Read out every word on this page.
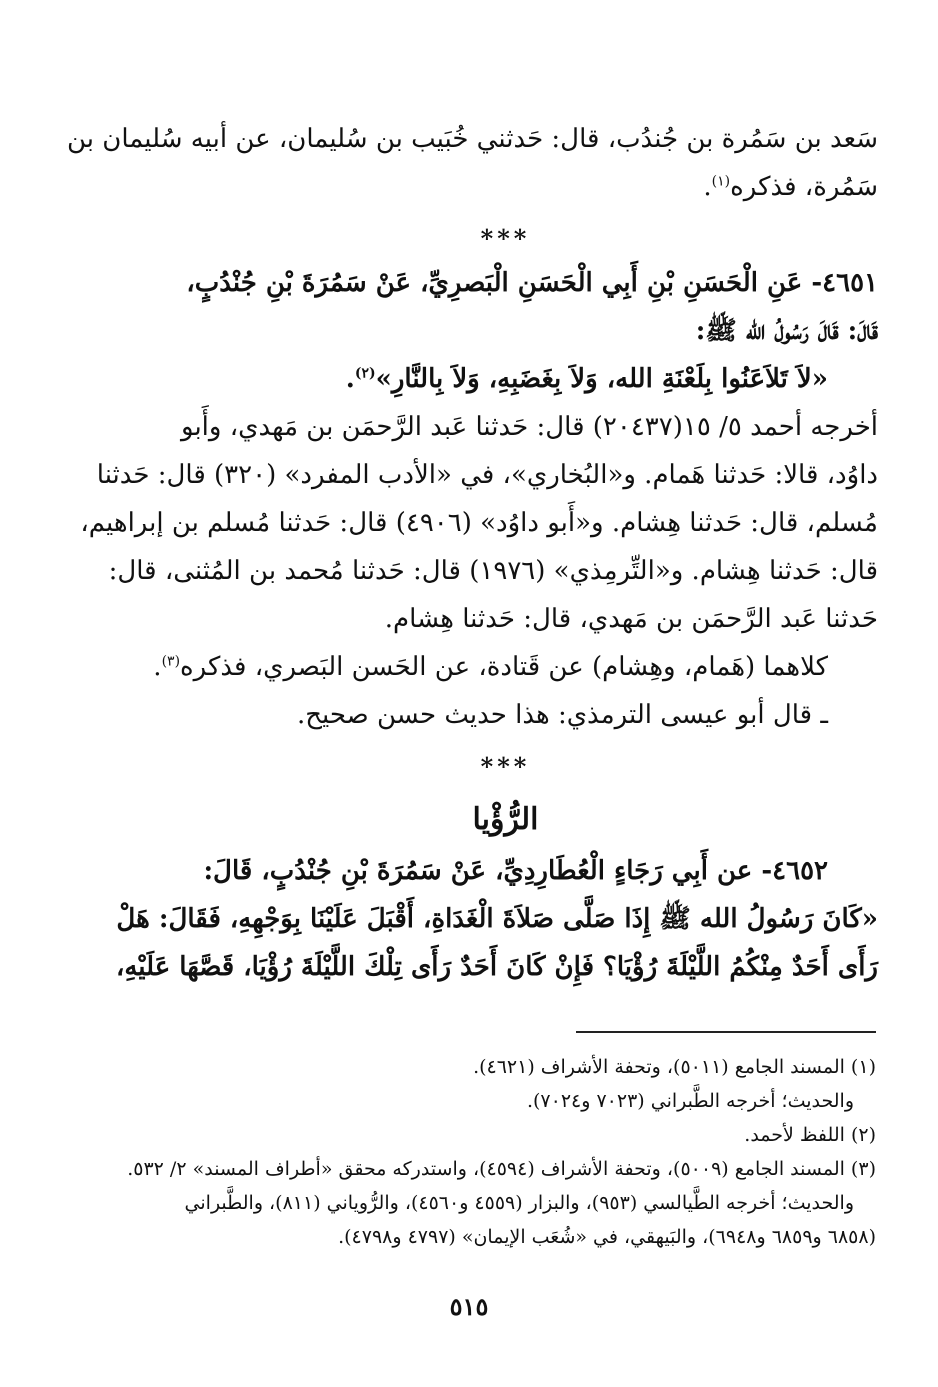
سَعد بن سَمُرة بن جُندُب، قال: حَدثني خُبَيب بن سُليمان، عن أبيه سُليمان بن
سَمُرة، فذكره$^{(١)}$.
***
٤٦٥١- عَنِ الْحَسَنِ بْنِ أَبِي الْحَسَنِ الْبَصرِيِّ، عَنْ سَمُرَةَ بْنِ جُنْدُبٍ،
قَالَ: قَالَ رَسُولُ الله ﷺ:
«لاَ تَلاَعَنُوا بِلَعْنَةِ الله، وَلاَ بِغَضَبِهِ، وَلاَ بِالنَّارِ»$^{(٢)}$.
أخرجه أحمد ٥/ ١٥(٢٠٤٣٧) قال: حَدثنا عَبد الرَّحمَن بن مَهدي، وأَبو
داوُد، قالا: حَدثنا هَمام. و«البُخاري»، في «الأدب المفرد» (٣٢٠) قال: حَدثنا
مُسلم، قال: حَدثنا هِشام. و«أَبو داوُد» (٤٩٠٦) قال: حَدثنا مُسلم بن إبراهيم،
قال: حَدثنا هِشام. و«التِّرمِذي» (١٩٧٦) قال: حَدثنا مُحمد بن المُثنى، قال:
حَدثنا عَبد الرَّحمَن بن مَهدي، قال: حَدثنا هِشام.
كلاهما (هَمام، وهِشام) عن قَتادة، عن الحَسن البَصري، فذكره$^{(٣)}$.
ـ قال أبو عيسى الترمذي: هذا حديث حسن صحيح.
***
الرُّؤْيا
٤٦٥٢- عن أَبِي رَجَاءٍ الْعُطَارِدِيِّ، عَنْ سَمُرَةَ بْنِ جُنْدُبٍ، قَالَ:
«كَانَ رَسُولُ الله ﷺ إِذَا صَلَّى صَلاَةَ الْغَدَاةِ، أَقْبَلَ عَلَيْنَا بِوَجْهِهِ، فَقَالَ: هَلْ
رَأَى أَحَدٌ مِنْكُمُ اللَّيْلَةَ رُؤْيَا؟ فَإِنْ كَانَ أَحَدٌ رَأَى تِلْكَ اللَّيْلَةَ رُؤْيَا، قَصَّهَا عَلَيْهِ،
(١) المسند الجامع (٥٠١١)، وتحفة الأشراف (٤٦٢١).
والحديث؛ أخرجه الطَّبراني (٧٠٢٣ و٧٠٢٤).
(٢) اللفظ لأحمد.
(٣) المسند الجامع (٥٠٠٩)، وتحفة الأشراف (٤٥٩٤)، واستدركه محقق «أطراف المسند» ٢/ ٥٣٢.
والحديث؛ أخرجه الطَّيالسي (٩٥٣)، والبزار (٤٥٥٩ و٤٥٦٠)، والرُّوياني (٨١١)، والطَّبراني
(٦٨٥٨ و٦٨٥٩ و٦٩٤٨)، والبَيهقي، في «شُعَب الإيمان» (٤٧٩٧ و٤٧٩٨).
٥١٥
